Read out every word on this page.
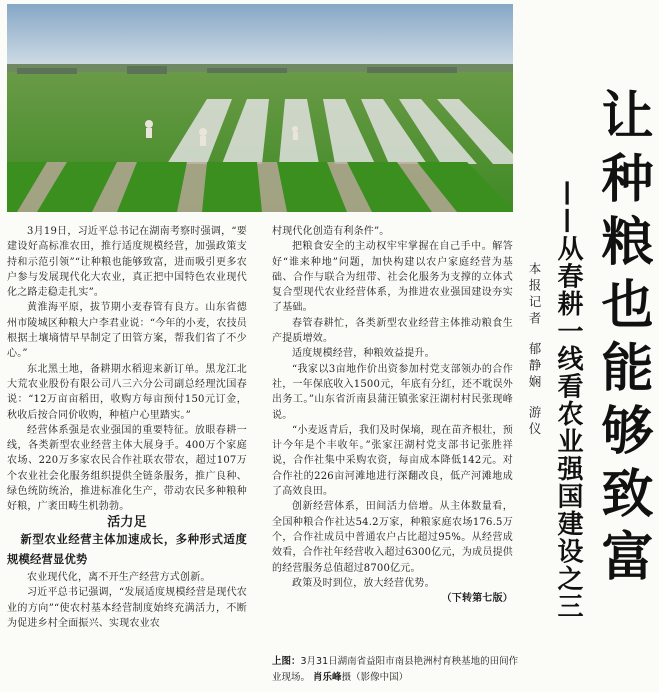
3月19日，习近平总书记在湖南考察时强调，“要建设好高标准农田，推行适度规模经营，加强政策支持和示范引领”“让种粮也能够致富，进而吸引更多农户参与发展现代化大农业，真正把中国特色农业现代化之路走稳走扎实”。

黄淮海平原，拔节期小麦春管有良方。山东省德州市陵城区种粮大户李君业说：“今年的小麦，农技员根据土壤墒情早早制定了田管方案，帮我们省了不少心。”

东北黑土地，备耕期水稻迎来新订单。黑龙江北大荒农业股份有限公司八三六分公司副总经理沈国春说：“12万亩亩稻田，收购方每亩预付150元订金，秋收后按合同价收购，种植户心里踏实。”

经营体系强是农业强国的重要特征。放眼春耕一线，各类新型农业经营主体大展身手。400万个家庭农场、220万多家农民合作社联农带农，超过107万个农业社会化服务组织提供全链条服务，推广良种、绿色统防统治，推进标准化生产，带动农民多种粮种好粮，广袤田畴生机勃勃。

活力足

新型农业经营主体加速成长，多种形式适度规模经营显优势

农业现代化，离不开生产经营方式创新。

习近平总书记强调，“发展适度规模经营是现代农业的方向”“使农村基本经营制度始终充满活力，不断为促进乡村全面振兴、实现农业农

村现代化创造有利条件”。

把粮食安全的主动权牢牢掌握在自己手中。解答好“谁来种地”问题，加快构建以农户家庭经营为基础、合作与联合为纽带、社会化服务为支撑的立体式复合型现代农业经营体系，为推进农业强国建设夯实了基础。

春管春耕忙，各类新型农业经营主体推动粮食生产提质增效。

适度规模经营，种粮效益提升。

“我家以3亩地作价出资参加村党支部领办的合作社，一年保底收入1500元，年底有分红，还不耽误外出务工。”山东省沂南县蒲汪镇张家汪湖村村民张现峰说。

“小麦返青后，我们及时保墒，现在苗齐根壮，预计今年是个丰收年。”张家汪湖村党支部书记张胜祥说，合作社集中采购农资，每亩成本降低142元。对合作社的226亩河滩地进行深翻改良，低产河滩地成了高效良田。

创新经营体系，田间活力倍增。从主体数量看，全国种粮合作社达54.2万家，种粮家庭农场176.5万个，合作社成员中普通农户占比超过95%。从经营成效看，合作社年经营收入超过6300亿元，为成员提供的经营服务总值超过8700亿元。

政策及时到位，放大经营优势。

（下转第七版）

上图：3月31日湖南省益阳市南县艳洲村育秧基地的田间作业现场。 肖乐峰摄（影像中国）
让种粮也能够致富
——从春耕一线看农业强国建设之三
本报记者郁静娴游仪
